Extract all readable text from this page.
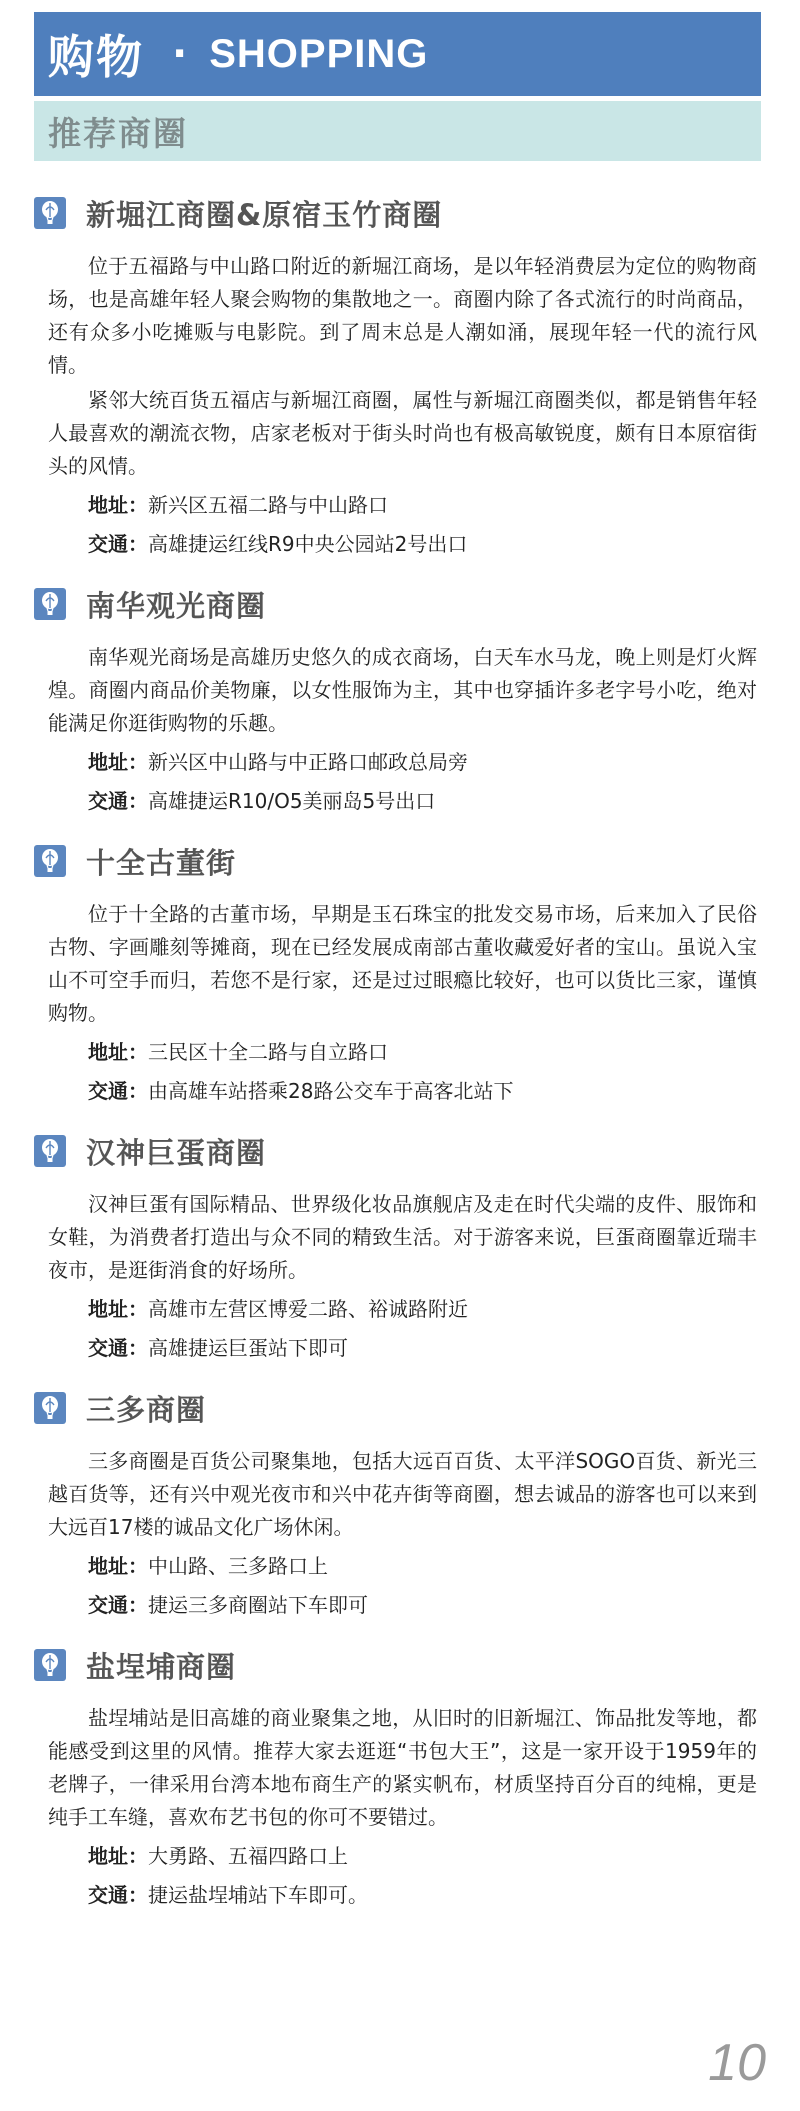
购物 · SHOPPING
推荐商圈
新堀江商圈&原宿玉竹商圈

位于五福路与中山路口附近的新堀江商场，是以年轻消费层为定位的购物商场，也是高雄年轻人聚会购物的集散地之一。商圈内除了各式流行的时尚商品，还有众多小吃摊贩与电影院。到了周末总是人潮如涌，展现年轻一代的流行风情。

紧邻大统百货五福店与新堀江商圈，属性与新堀江商圈类似，都是销售年轻人最喜欢的潮流衣物，店家老板对于街头时尚也有极高敏锐度，颇有日本原宿街头的风情。

地址：新兴区五福二路与中山路口
交通：高雄捷运红线R9中央公园站2号出口
南华观光商圈

南华观光商场是高雄历史悠久的成衣商场，白天车水马龙，晚上则是灯火辉煌。商圈内商品价美物廉，以女性服饰为主，其中也穿插许多老字号小吃，绝对能满足你逛街购物的乐趣。

地址：新兴区中山路与中正路口邮政总局旁
交通：高雄捷运R10/O5美丽岛5号出口
十全古董街

位于十全路的古董市场，早期是玉石珠宝的批发交易市场，后来加入了民俗古物、字画雕刻等摊商，现在已经发展成南部古董收藏爱好者的宝山。虽说入宝山不可空手而归，若您不是行家，还是过过眼瘾比较好，也可以货比三家，谨慎购物。

地址：三民区十全二路与自立路口
交通：由高雄车站搭乘28路公交车于高客北站下
汉神巨蛋商圈

汉神巨蛋有国际精品、世界级化妆品旗舰店及走在时代尖端的皮件、服饰和女鞋，为消费者打造出与众不同的精致生活。对于游客来说，巨蛋商圈靠近瑞丰夜市，是逛街消食的好场所。

地址：高雄市左营区博爱二路、裕诚路附近
交通：高雄捷运巨蛋站下即可
三多商圈

三多商圈是百货公司聚集地，包括大远百百货、太平洋SOGO百货、新光三越百货等，还有兴中观光夜市和兴中花卉街等商圈，想去诚品的游客也可以来到大远百17楼的诚品文化广场休闲。

地址：中山路、三多路口上
交通：捷运三多商圈站下车即可
盐埕埔商圈

盐埕埔站是旧高雄的商业聚集之地，从旧时的旧新堀江、饰品批发等地，都能感受到这里的风情。推荐大家去逛逛“书包大王”，这是一家开设于1959年的老牌子，一律采用台湾本地布商生产的紧实帆布，材质坚持百分百的纯棉，更是纯手工车缝，喜欢布艺书包的你可不要错过。

地址：大勇路、五福四路口上
交通：捷运盐埕埔站下车即可。
10
